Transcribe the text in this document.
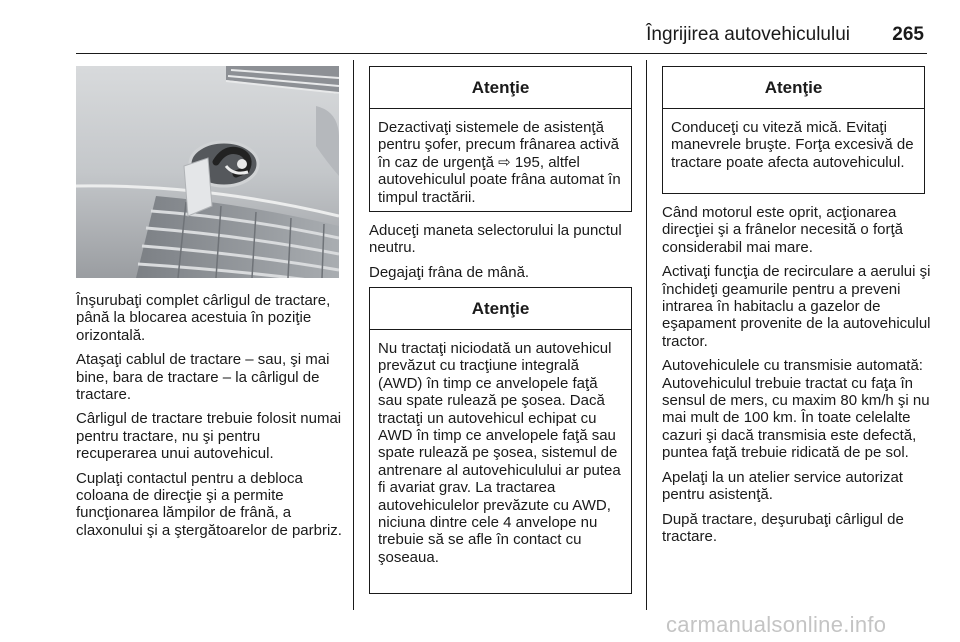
Îngrijirea autovehiculului	265

Înşurubaţi complet cârligul de tractare, până la blocarea acestuia în poziţie orizontală.

Ataşaţi cablul de tractare – sau, şi mai bine, bara de tractare – la cârligul de tractare.

Cârligul de tractare trebuie folosit numai pentru tractare, nu şi pentru recuperarea unui autovehicul.

Cuplaţi contactul pentru a debloca coloana de direcţie şi a permite funcţionarea lămpilor de frână, a claxonului şi a ştergătoarelor de parbriz.

Atenţie

Dezactivaţi sistemele de asistenţă pentru şofer, precum frânarea activă în caz de urgenţă ⇨ 195, altfel autovehiculul poate frâna automat în timpul tractării.

Aduceţi maneta selectorului la punctul neutru.

Degajaţi frâna de mână.

Atenţie

Nu tractaţi niciodată un autovehicul prevăzut cu tracţiune integrală (AWD) în timp ce anvelopele faţă sau spate rulează pe şosea. Dacă tractaţi un autovehicul echipat cu AWD în timp ce anvelopele faţă sau spate rulează pe şosea, sistemul de antrenare al autovehiculului ar putea fi avariat grav. La tractarea autovehiculelor prevăzute cu AWD, niciuna dintre cele 4 anvelope nu trebuie să se afle în contact cu şoseaua.

Atenţie

Conduceţi cu viteză mică. Evitaţi manevrele bruşte. Forţa excesivă de tractare poate afecta autovehiculul.

Când motorul este oprit, acţionarea direcţiei şi a frânelor necesită o forţă considerabil mai mare.

Activaţi funcţia de recirculare a aerului şi închideţi geamurile pentru a preveni intrarea în habitaclu a gazelor de eşapament provenite de la autovehiculul tractor.

Autovehiculele cu transmisie automată: Autovehiculul trebuie tractat cu faţa în sensul de mers, cu maxim 80 km/h şi nu mai mult de 100 km. În toate celelalte cazuri şi dacă transmisia este defectă, puntea faţă trebuie ridicată de pe sol.

Apelaţi la un atelier service autorizat pentru asistenţă.

După tractare, deşurubaţi cârligul de tractare.

carmanualsonline.info
